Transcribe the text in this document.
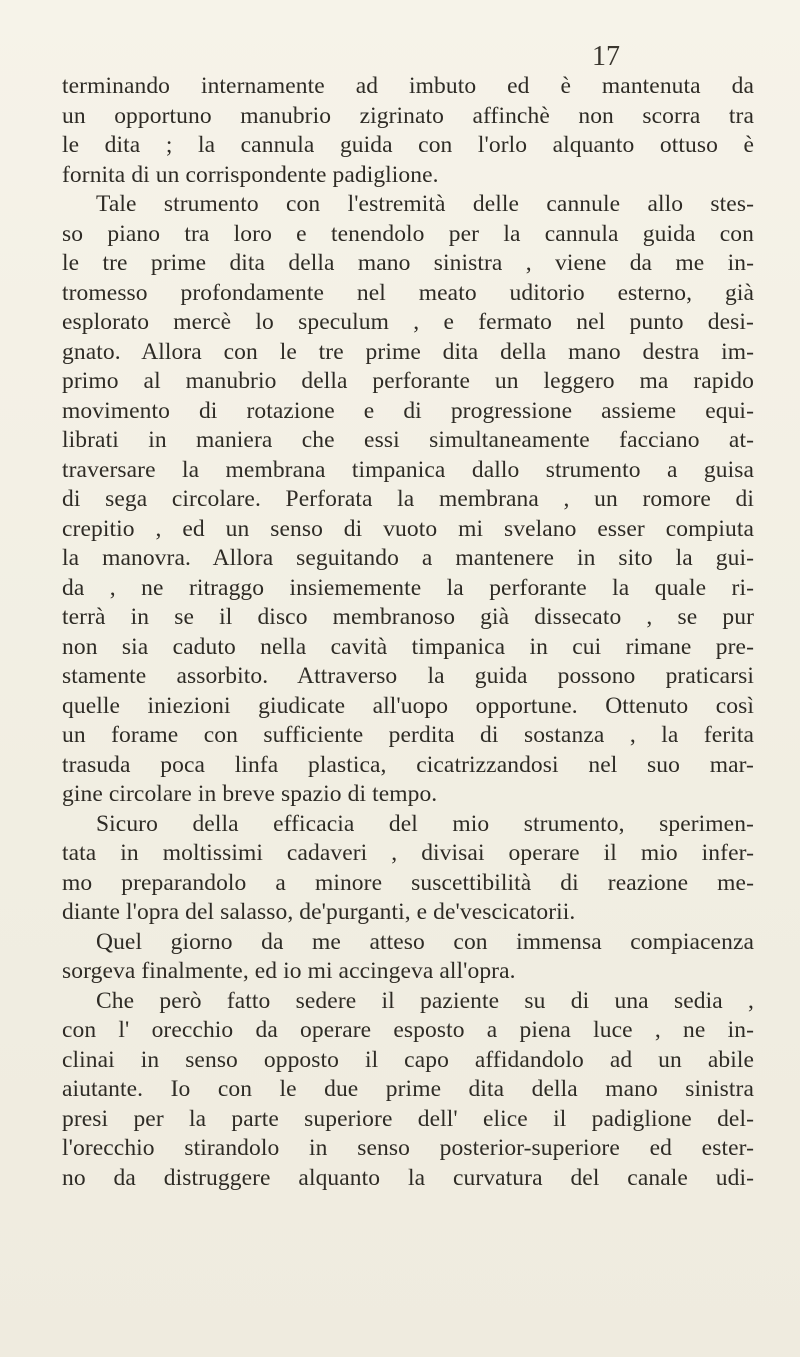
17
terminando internamente ad imbuto ed è mantenuta da
un opportuno manubrio zigrinato affinchè non scorra tra
le dita ; la cannula guida con l'orlo alquanto ottuso è
fornita di un corrispondente padiglione.
Tale strumento con l'estremità delle cannule allo stes-
so piano tra loro e tenendolo per la cannula guida con
le tre prime dita della mano sinistra , viene da me in-
tromesso profondamente nel meato uditorio esterno, già
esplorato mercè lo speculum , e fermato nel punto desi-
gnato. Allora con le tre prime dita della mano destra im-
primo al manubrio della perforante un leggero ma rapido
movimento di rotazione e di progressione assieme equi-
librati in maniera che essi simultaneamente facciano at-
traversare la membrana timpanica dallo strumento a guisa
di sega circolare. Perforata la membrana , un romore di
crepitio , ed un senso di vuoto mi svelano esser compiuta
la manovra. Allora seguitando a mantenere in sito la gui-
da , ne ritraggo insiememente la perforante la quale ri-
terrà in se il disco membranoso già dissecato , se pur
non sia caduto nella cavità timpanica in cui rimane pre-
stamente assorbito. Attraverso la guida possono praticarsi
quelle iniezioni giudicate all'uopo opportune. Ottenuto così
un forame con sufficiente perdita di sostanza , la ferita
trasuda poca linfa plastica, cicatrizzandosi nel suo mar-
gine circolare in breve spazio di tempo.
Sicuro della efficacia del mio strumento, sperimen-
tata in moltissimi cadaveri , divisai operare il mio infer-
mo preparandolo a minore suscettibilità di reazione me-
diante l'opra del salasso, de'purganti, e de'vescicatorii.
Quel giorno da me atteso con immensa compiacenza
sorgeva finalmente, ed io mi accingeva all'opra.
Che però fatto sedere il paziente su di una sedia ,
con l' orecchio da operare esposto a piena luce , ne in-
clinai in senso opposto il capo affidandolo ad un abile
aiutante. Io con le due prime dita della mano sinistra
presi per la parte superiore dell' elice il padiglione del-
l'orecchio stirandolo in senso posterior-superiore ed ester-
no da distruggere alquanto la curvatura del canale udi-
